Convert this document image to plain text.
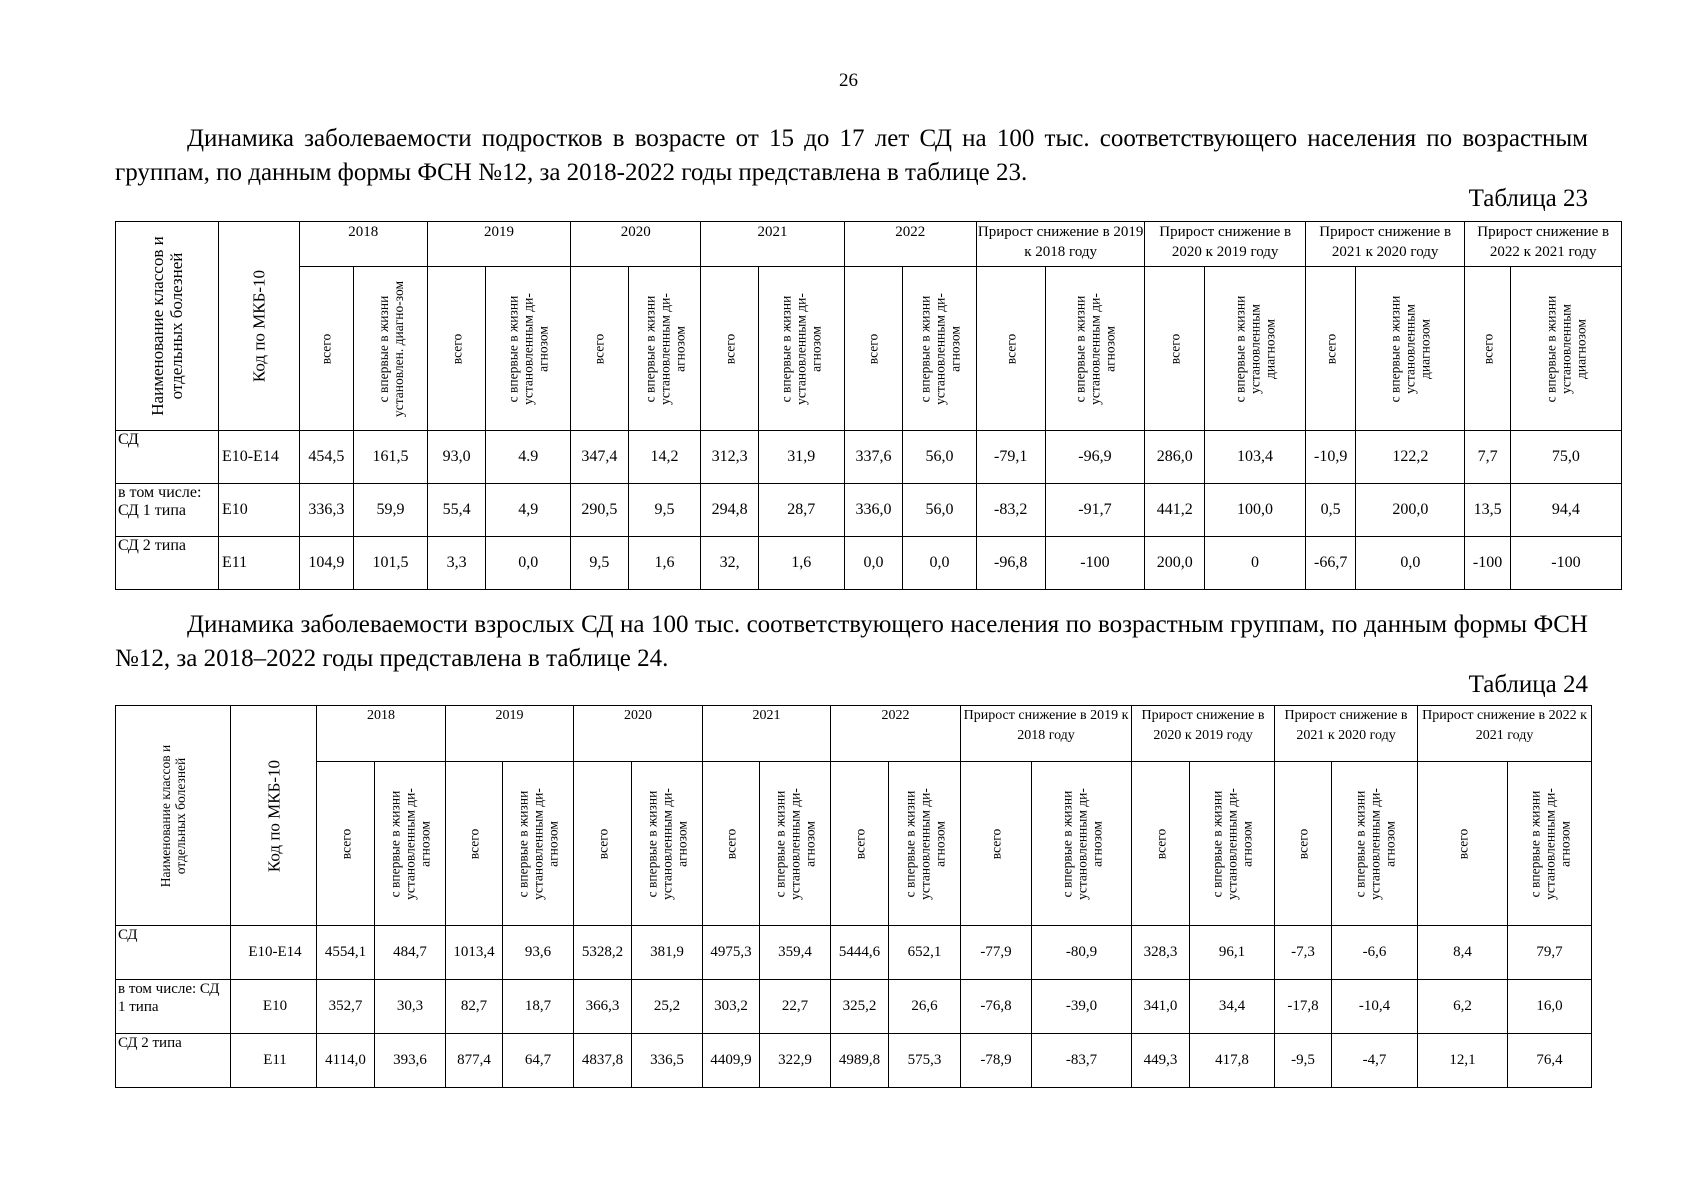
26
Динамика заболеваемости подростков в возрасте от 15 до 17 лет СД на 100 тыс. соответствующего населения по возрастным группам, по данным формы ФСН №12, за 2018-2022 годы представлена в таблице 23.
Таблица 23
Наименование классов и отдельных болезней	Код по МКБ-10	2018		2019		2020		2021		2022		Прирост снижение в 2019 к 2018 году		Прирост снижение в 2020 к 2019 году		Прирост снижение в 2021 к 2020 году		Прирост снижение в 2022 к 2021 году	

		всего	с впервые в жизни установлен. диагно-зом	всего	с впервые в жизни установленным ди-агнозом	всего	с впервые в жизни установленным ди-агнозом	всего	с впервые в жизни установленным ди-агнозом	всего	с впервые в жизни установленным ди-агнозом	всего	с впервые в жизни установленным ди-агнозом	всего	с впервые в жизни установленным диагнозом	всего	с впервые в жизни установленным диагнозом	всего	с впервые в жизни установленным диагнозом

СД	Е10-Е14	454,5	161,5	93,0	4.9	347,4	14,2	312,3	31,9	337,6	56,0	-79,1	-96,9	286,0	103,4	-10,9	122,2	7,7	75,0
в том числе: СД 1 типа	Е10	336,3	59,9	55,4	4,9	290,5	9,5	294,8	28,7	336,0	56,0	-83,2	-91,7	441,2	100,0	0,5	200,0	13,5	94,4
СД 2 типа	Е11	104,9	101,5	3,3	0,0	9,5	1,6	32,	1,6	0,0	0,0	-96,8	-100	200,0	0	-66,7	0,0	-100	-100
Динамика заболеваемости взрослых СД на 100 тыс. соответствующего населения по возрастным группам, по данным формы ФСН №12, за 2018–2022 годы представлена в таблице 24.
Таблица 24
Наименование классов и отдельных болезней	Код по МКБ-10	2018		2019		2020		2021		2022		Прирост снижение в 2019 к 2018 году		Прирост снижение в 2020 к 2019 году		Прирост снижение в 2021 к 2020 году		Прирост снижение в 2022 к 2021 году	

		всего	с впервые в жизни установленным ди-агнозом	всего	с впервые в жизни установленным ди-агнозом	всего	с впервые в жизни установленным ди-агнозом	всего	с впервые в жизни установленным ди-агнозом	всего	с впервые в жизни установленным ди-агнозом	всего	с впервые в жизни установленным ди-агнозом	всего	с впервые в жизни установленным ди-агнозом	всего	с впервые в жизни установленным ди-агнозом	всего	с впервые в жизни установленным ди-агнозом

СД	Е10-Е14	4554,1	484,7	1013,4	93,6	5328,2	381,9	4975,3	359,4	5444,6	652,1	-77,9	-80,9	328,3	96,1	-7,3	-6,6	8,4	79,7
в том числе: СД 1 типа	Е10	352,7	30,3	82,7	18,7	366,3	25,2	303,2	22,7	325,2	26,6	-76,8	-39,0	341,0	34,4	-17,8	-10,4	6,2	16,0
СД 2 типа	Е11	4114,0	393,6	877,4	64,7	4837,8	336,5	4409,9	322,9	4989,8	575,3	-78,9	-83,7	449,3	417,8	-9,5	-4,7	12,1	76,4
